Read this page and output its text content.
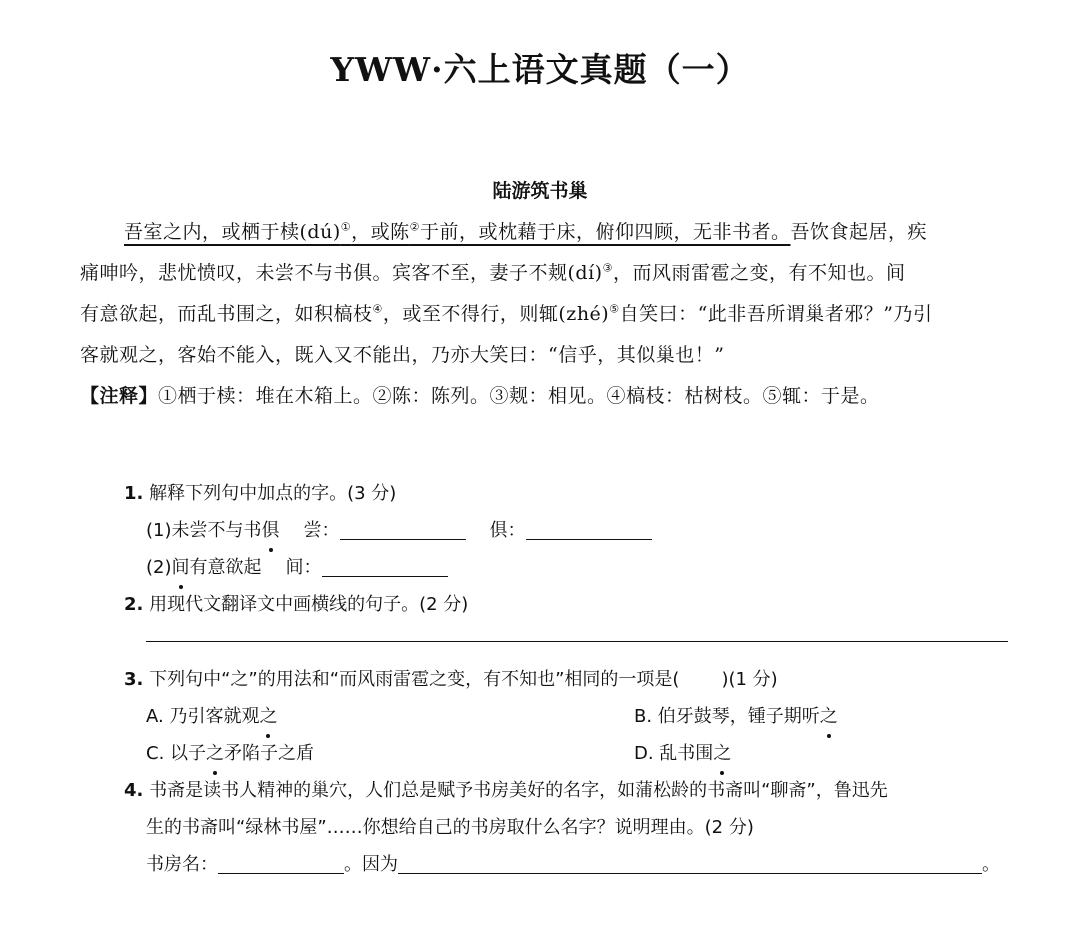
YWW·六上语文真题（一）
陆游筑书巢

吾室之内，或栖于椟(dú)①，或陈②于前，或枕藉于床，俯仰四顾，无非书者。吾饮食起居，疾

痛呻吟，悲忧愤叹，未尝不与书俱。宾客不至，妻子不觌(dí)③，而风雨雷雹之变，有不知也。间

有意欲起，而乱书围之，如积槁枝④，或至不得行，则辄(zhé)⑤自笑曰：“此非吾所谓巢者邪？”乃引

客就观之，客始不能入，既入又不能出，乃亦大笑曰：“信乎，其似巢也！”

【注释】①栖于椟：堆在木箱上。②陈：陈列。③觌：相见。④槁枝：枯树枝。⑤辄：于是。

1. 解释下列句中加点的字。(3 分)
(1)未尝不与书俱 尝：	俱：
(2)间有意欲起 间：
2. 用现代文翻译文中画横线的句子。(2 分)
3. 下列句中“之”的用法和“而风雨雷雹之变，有不知也”相同的一项是( )(1 分)
A. 乃引客就观之	B. 伯牙鼓琴，锺子期听之
C. 以子之矛陷子之盾	D. 乱书围之
4. 书斋是读书人精神的巢穴，人们总是赋予书房美好的名字，如蒲松龄的书斋叫“聊斋”，鲁迅先
生的书斋叫“绿林书屋”……你想给自己的书房取什么名字？说明理由。(2 分)
书房名：	。因为	。
